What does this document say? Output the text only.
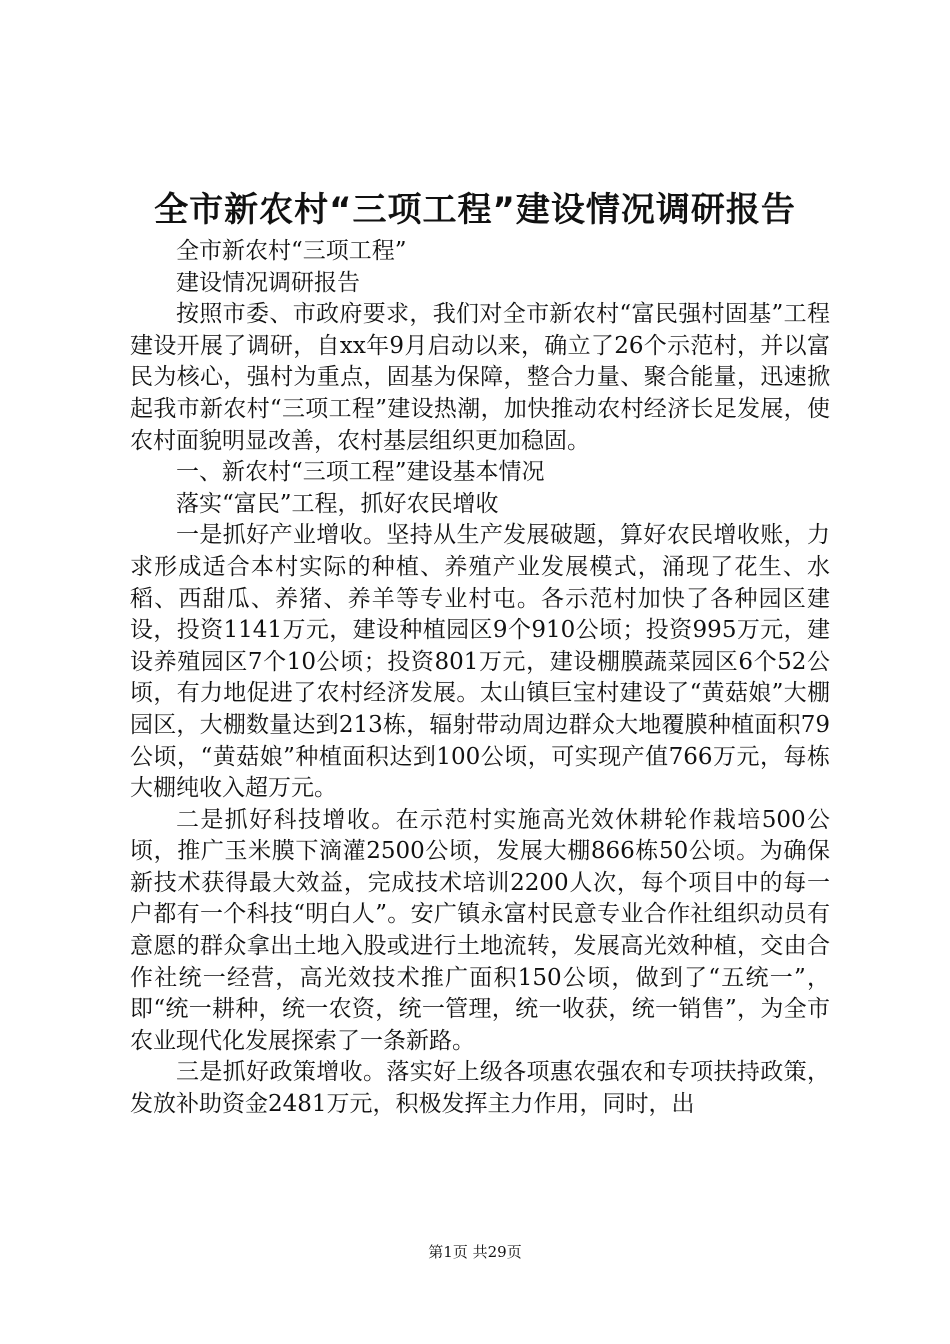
全市新农村“三项工程”建设情况调研报告

全市新农村“三项工程”

建设情况调研报告

按照市委、市政府要求，我们对全市新农村“富民强村固基”工程建设开展了调研，自xx年9月启动以来，确立了26个示范村，并以富民为核心，强村为重点，固基为保障，整合力量、聚合能量，迅速掀起我市新农村“三项工程”建设热潮，加快推动农村经济长足发展，使农村面貌明显改善，农村基层组织更加稳固。

一、新农村“三项工程”建设基本情况

落实“富民”工程，抓好农民增收

一是抓好产业增收。坚持从生产发展破题，算好农民增收账，力求形成适合本村实际的种植、养殖产业发展模式，涌现了花生、水稻、西甜瓜、养猪、养羊等专业村屯。各示范村加快了各种园区建设，投资1141万元，建设种植园区9个910公顷；投资995万元，建设养殖园区7个10公顷；投资801万元，建设棚膜蔬菜园区6个52公顷，有力地促进了农村经济发展。太山镇巨宝村建设了“黄菇娘”大棚园区，大棚数量达到213栋，辐射带动周边群众大地覆膜种植面积79公顷，“黄菇娘”种植面积达到100公顷，可实现产值766万元，每栋大棚纯收入超万元。

二是抓好科技增收。在示范村实施高光效休耕轮作栽培500公顷，推广玉米膜下滴灌2500公顷，发展大棚866栋50公顷。为确保新技术获得最大效益，完成技术培训2200人次，每个项目中的每一户都有一个科技“明白人”。安广镇永富村民意专业合作社组织动员有意愿的群众拿出土地入股或进行土地流转，发展高光效种植，交由合作社统一经营，高光效技术推广面积150公顷，做到了“五统一”，即“统一耕种，统一农资，统一管理，统一收获，统一销售”，为全市农业现代化发展探索了一条新路。

三是抓好政策增收。落实好上级各项惠农强农和专项扶持政策，发放补助资金2481万元，积极发挥主力作用，同时，出

第1页 共29页
